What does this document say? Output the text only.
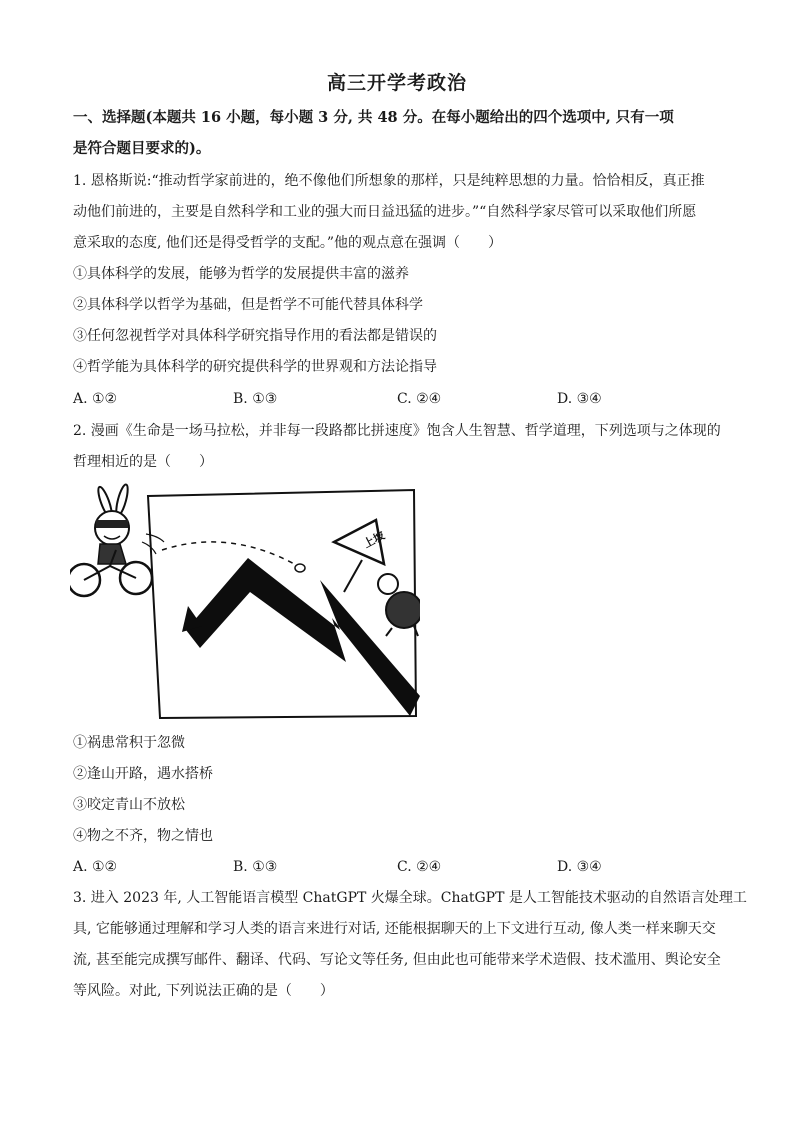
高三开学考政治
一、选择题(本题共 16 小题，每小题 3 分, 共 48 分。在每小题给出的四个选项中, 只有一项
是符合题目要求的)。
1. 恩格斯说:“推动哲学家前进的，绝不像他们所想象的那样，只是纯粹思想的力量。恰恰相反，真正推
动他们前进的，主要是自然科学和工业的强大而日益迅猛的进步。”“自然科学家尽管可以采取他们所愿
意采取的态度, 他们还是得受哲学的支配。”他的观点意在强调（　　）
①具体科学的发展，能够为哲学的发展提供丰富的滋养
②具体科学以哲学为基础，但是哲学不可能代替具体科学
③任何忽视哲学对具体科学研究指导作用的看法都是错误的
④哲学能为具体科学的研究提供科学的世界观和方法论指导
A. ①②	B. ①③	C. ②④	D. ③④
2. 漫画《生命是一场马拉松，并非每一段路都比拼速度》饱含人生智慧、哲学道理，下列选项与之体现的
哲理相近的是（　　）
上坡
①祸患常积于忽微
②逢山开路，遇水搭桥
③咬定青山不放松
④物之不齐，物之情也
A. ①②	B. ①③	C. ②④	D. ③④
3. 进入 2023 年, 人工智能语言模型 ChatGPT 火爆全球。ChatGPT 是人工智能技术驱动的自然语言处理工
具, 它能够通过理解和学习人类的语言来进行对话, 还能根据聊天的上下文进行互动, 像人类一样来聊天交
流, 甚至能完成撰写邮件、翻译、代码、写论文等任务, 但由此也可能带来学术造假、技术滥用、舆论安全
等风险。对此, 下列说法正确的是（　　）
